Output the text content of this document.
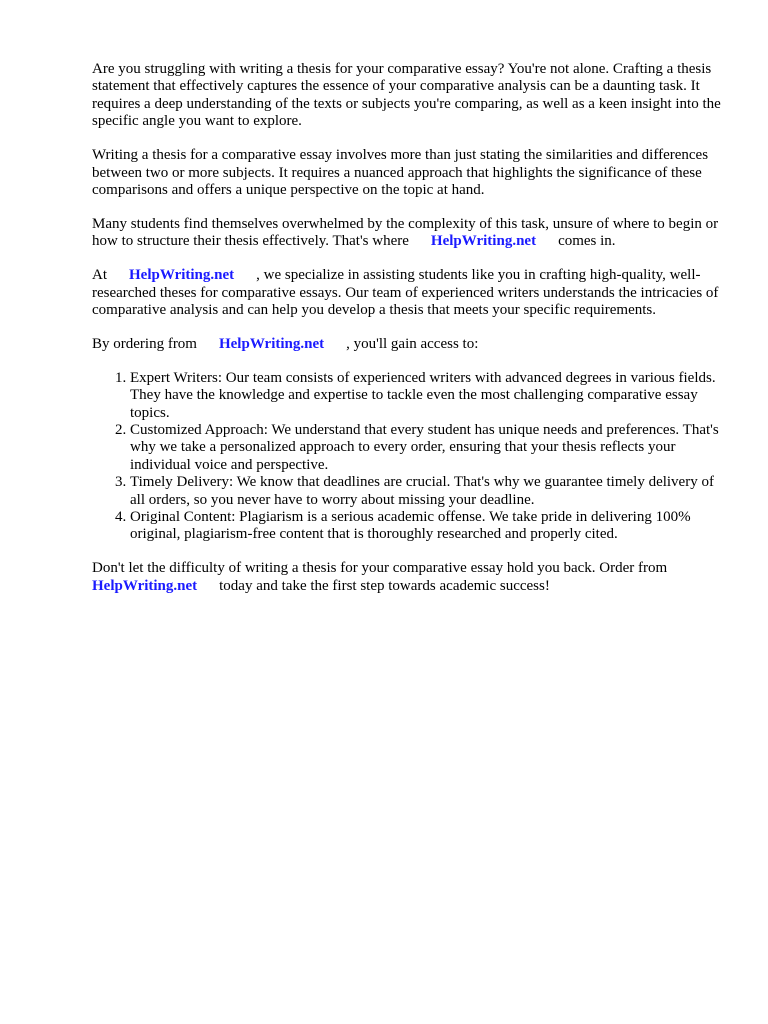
Are you struggling with writing a thesis for your comparative essay? You're not alone. Crafting a thesis statement that effectively captures the essence of your comparative analysis can be a daunting task. It requires a deep understanding of the texts or subjects you're comparing, as well as a keen insight into the specific angle you want to explore.

Writing a thesis for a comparative essay involves more than just stating the similarities and differences between two or more subjects. It requires a nuanced approach that highlights the significance of these comparisons and offers a unique perspective on the topic at hand.

Many students find themselves overwhelmed by the complexity of this task, unsure of where to begin or how to structure their thesis effectively. That's where HelpWriting.net comes in.

At HelpWriting.net , we specialize in assisting students like you in crafting high-quality, well-researched theses for comparative essays. Our team of experienced writers understands the intricacies of comparative analysis and can help you develop a thesis that meets your specific requirements.

By ordering from HelpWriting.net , you'll gain access to:

1. Expert Writers: Our team consists of experienced writers with advanced degrees in various fields. They have the knowledge and expertise to tackle even the most challenging comparative essay topics.
2. Customized Approach: We understand that every student has unique needs and preferences. That's why we take a personalized approach to every order, ensuring that your thesis reflects your individual voice and perspective.
3. Timely Delivery: We know that deadlines are crucial. That's why we guarantee timely delivery of all orders, so you never have to worry about missing your deadline.
4. Original Content: Plagiarism is a serious academic offense. We take pride in delivering 100% original, plagiarism-free content that is thoroughly researched and properly cited.

Don't let the difficulty of writing a thesis for your comparative essay hold you back. Order from HelpWriting.net today and take the first step towards academic success!
